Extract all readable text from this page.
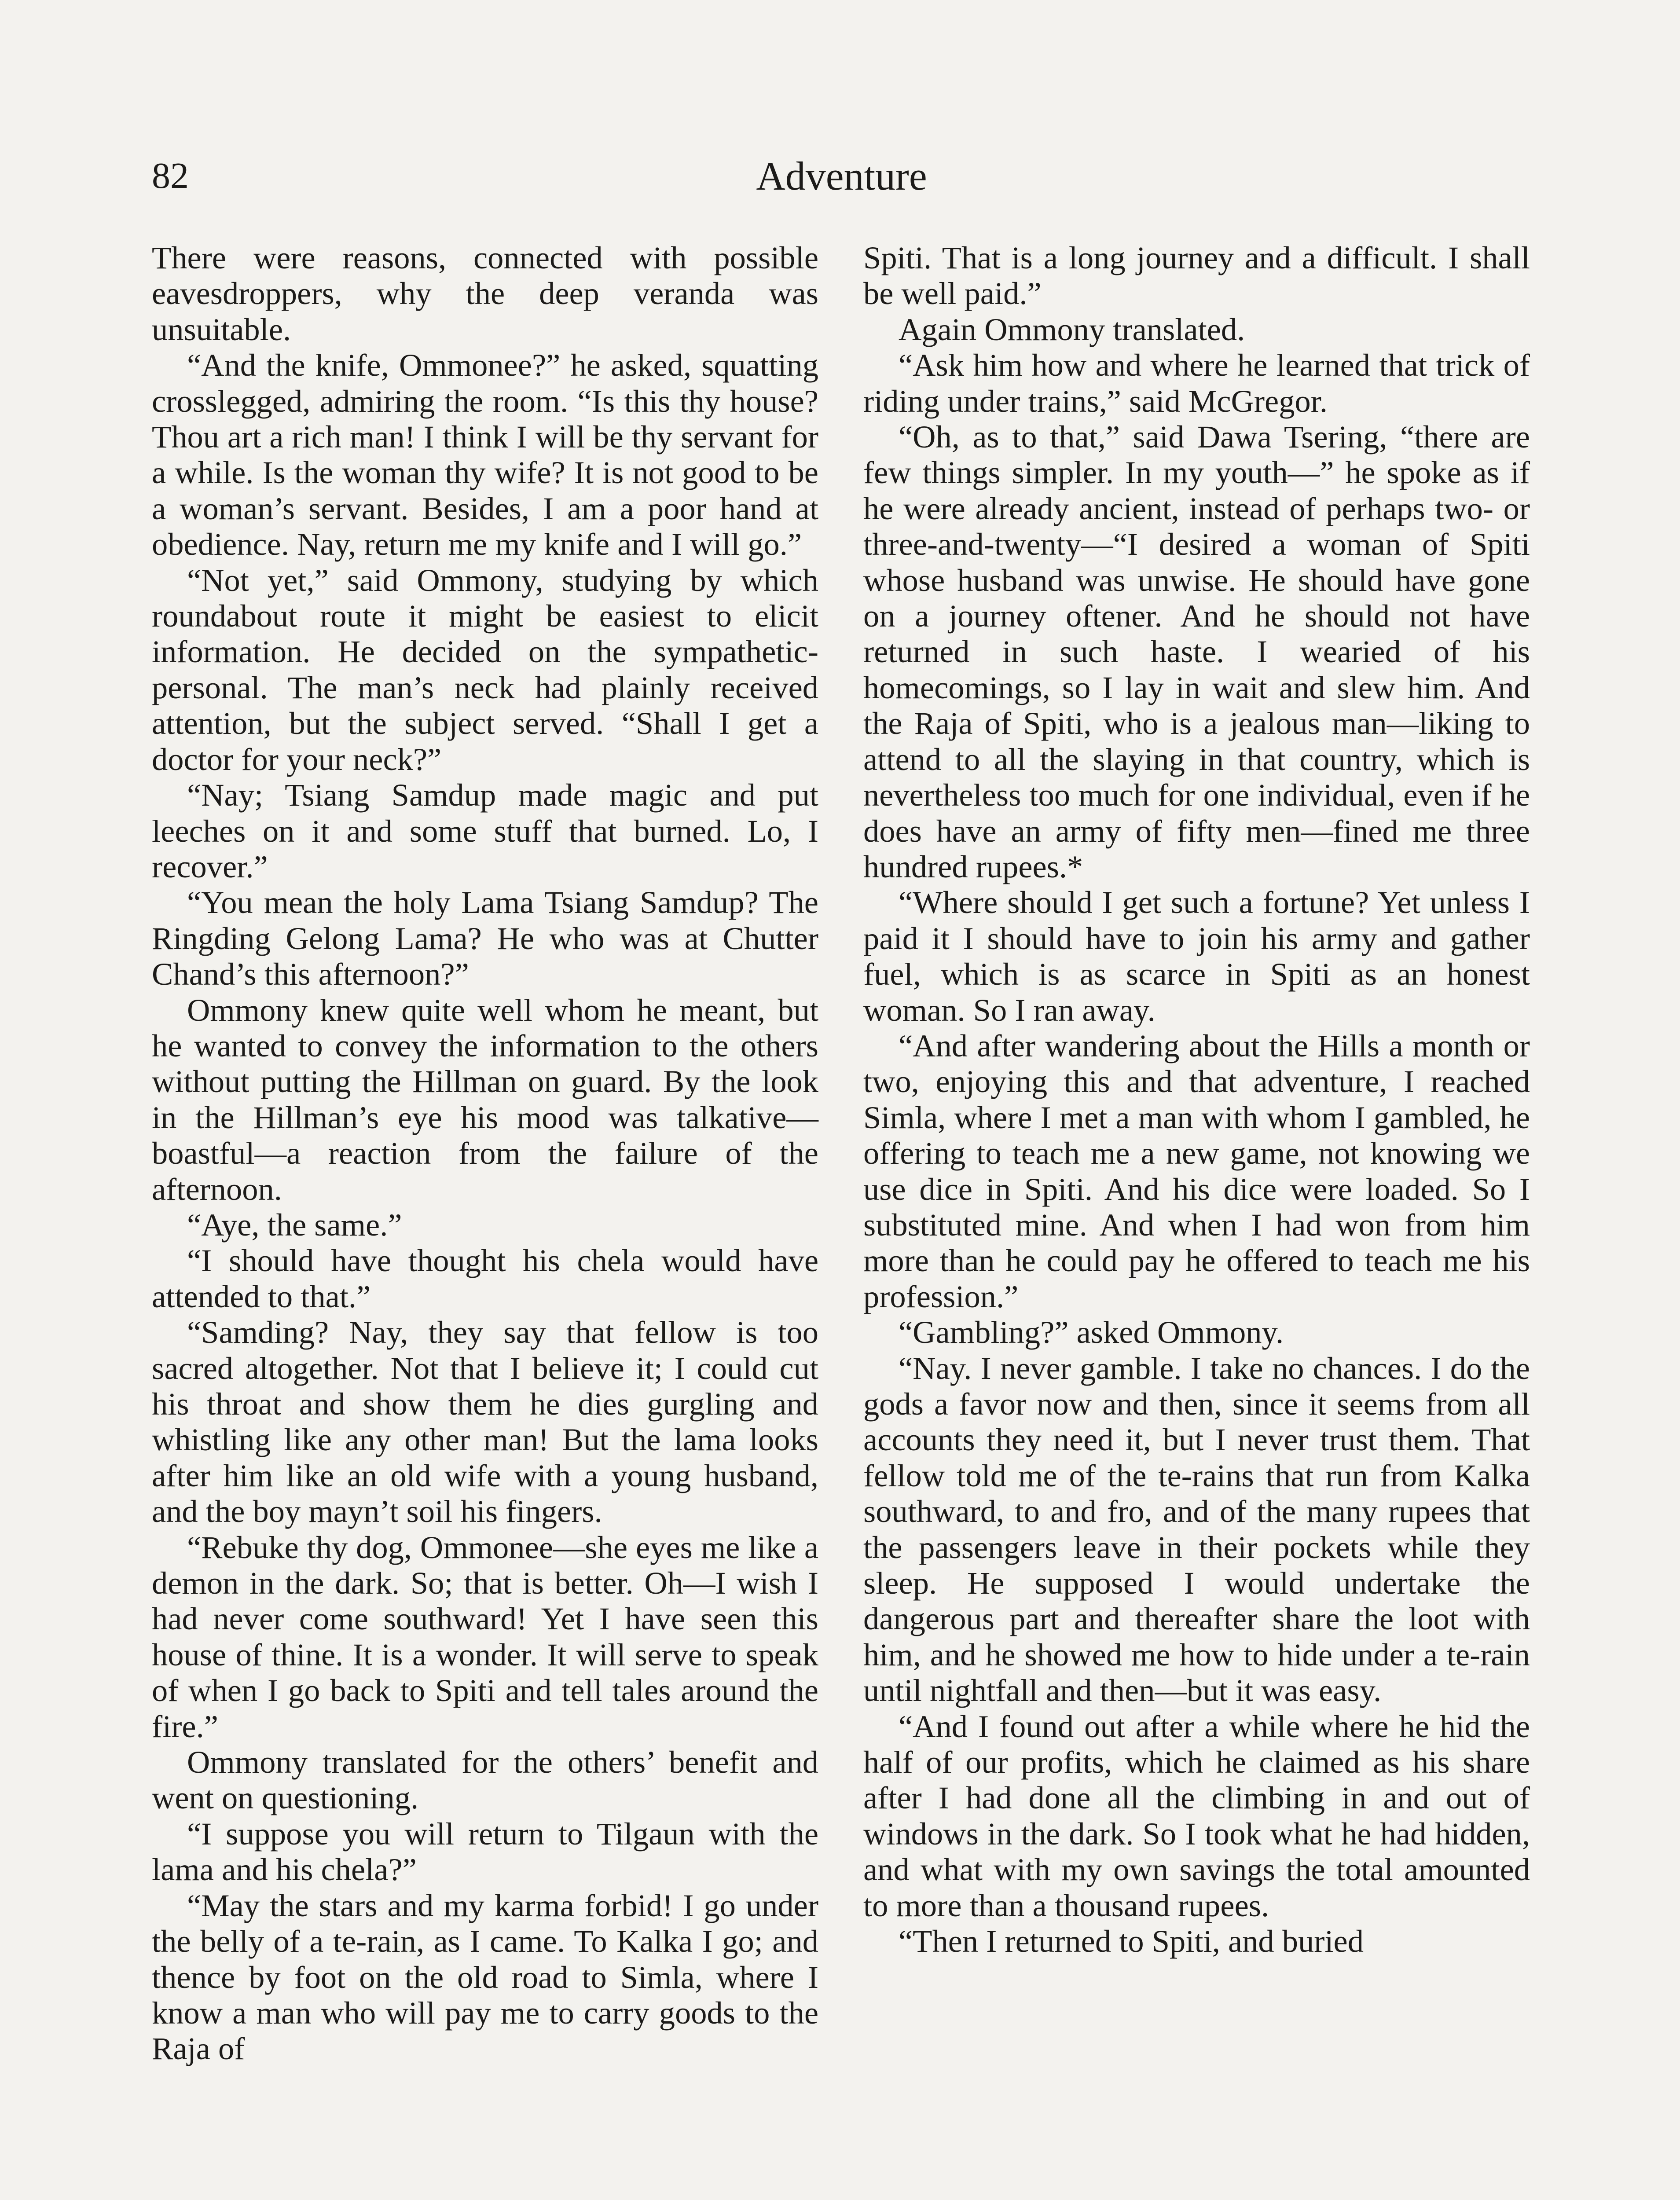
82	Adventure

There were reasons, connected with possible eavesdroppers, why the deep veranda was unsuitable.

“And the knife, Ommonee?” he asked, squatting crosslegged, admiring the room. “Is this thy house? Thou art a rich man! I think I will be thy servant for a while. Is the woman thy wife? It is not good to be a woman’s servant. Besides, I am a poor hand at obedience. Nay, return me my knife and I will go.”

“Not yet,” said Ommony, studying by which roundabout route it might be easiest to elicit information. He decided on the sympathetic-personal. The man’s neck had plainly received attention, but the subject served. “Shall I get a doctor for your neck?”

“Nay; Tsiang Samdup made magic and put leeches on it and some stuff that burned. Lo, I recover.”

“You mean the holy Lama Tsiang Samdup? The Ringding Gelong Lama? He who was at Chutter Chand’s this afternoon?”

Ommony knew quite well whom he meant, but he wanted to convey the information to the others without putting the Hillman on guard. By the look in the Hillman’s eye his mood was talkative—boastful—a reaction from the failure of the afternoon.

“Aye, the same.”

“I should have thought his chela would have attended to that.”

“Samding? Nay, they say that fellow is too sacred altogether. Not that I believe it; I could cut his throat and show them he dies gurgling and whistling like any other man! But the lama looks after him like an old wife with a young husband, and the boy mayn’t soil his fingers.

“Rebuke thy dog, Ommonee—she eyes me like a demon in the dark. So; that is better. Oh—I wish I had never come southward! Yet I have seen this house of thine. It is a wonder. It will serve to speak of when I go back to Spiti and tell tales around the fire.”

Ommony translated for the others’ benefit and went on questioning.

“I suppose you will return to Tilgaun with the lama and his chela?”

“May the stars and my karma forbid! I go under the belly of a te-rain, as I came. To Kalka I go; and thence by foot on the old road to Simla, where I know a man who will pay me to carry goods to the Raja of

Spiti. That is a long journey and a difficult. I shall be well paid.”

Again Ommony translated.

“Ask him how and where he learned that trick of riding under trains,” said McGregor.

“Oh, as to that,” said Dawa Tsering, “there are few things simpler. In my youth—” he spoke as if he were already ancient, instead of perhaps two- or three-and-twenty—“I desired a woman of Spiti whose husband was unwise. He should have gone on a journey oftener. And he should not have returned in such haste. I wearied of his homecomings, so I lay in wait and slew him. And the Raja of Spiti, who is a jealous man—liking to attend to all the slaying in that country, which is nevertheless too much for one individual, even if he does have an army of fifty men—fined me three hundred rupees.*

“Where should I get such a fortune? Yet unless I paid it I should have to join his army and gather fuel, which is as scarce in Spiti as an honest woman. So I ran away.

“And after wandering about the Hills a month or two, enjoying this and that adventure, I reached Simla, where I met a man with whom I gambled, he offering to teach me a new game, not knowing we use dice in Spiti. And his dice were loaded. So I substituted mine. And when I had won from him more than he could pay he offered to teach me his profession.”

“Gambling?” asked Ommony.

“Nay. I never gamble. I take no chances. I do the gods a favor now and then, since it seems from all accounts they need it, but I never trust them. That fellow told me of the te-rains that run from Kalka southward, to and fro, and of the many rupees that the passengers leave in their pockets while they sleep. He supposed I would undertake the dangerous part and thereafter share the loot with him, and he showed me how to hide under a te-rain until nightfall and then—but it was easy.

“And I found out after a while where he hid the half of our profits, which he claimed as his share after I had done all the climbing in and out of windows in the dark. So I took what he had hidden, and what with my own savings the total amounted to more than a thousand rupees.

“Then I returned to Spiti, and buried
